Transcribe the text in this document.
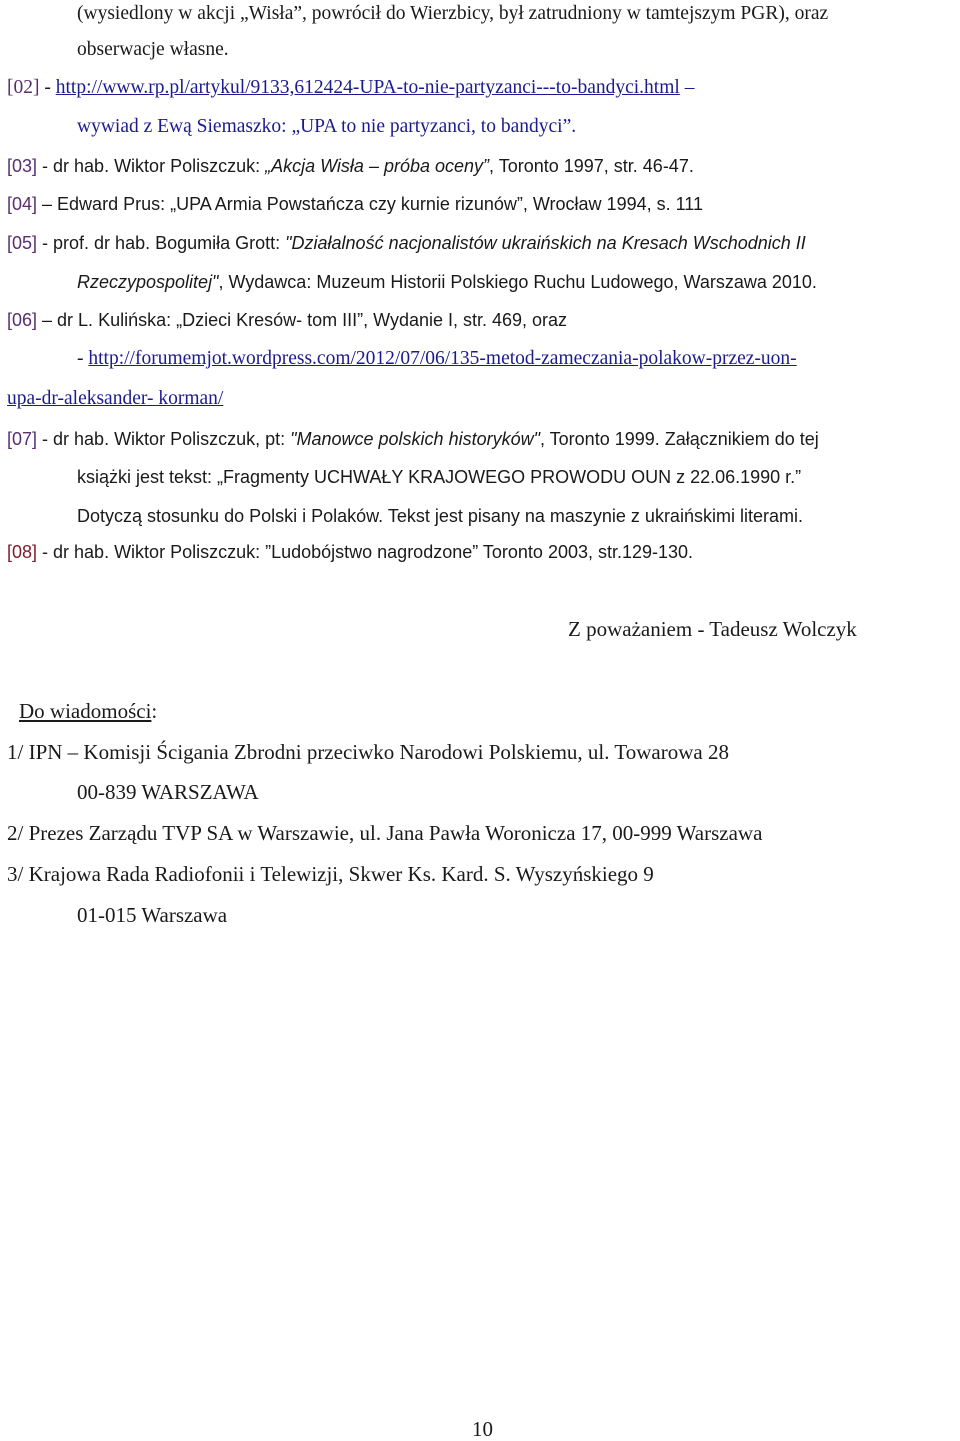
(wysiedlony w akcji „Wisła”, powrócił do Wierzbicy, był zatrudniony w tamtejszym PGR), oraz
obserwacje własne.
[02] - http://www.rp.pl/artykul/9133,612424-UPA-to-nie-partyzanci---to-bandyci.html –
wywiad z Ewą Siemaszko: „UPA to nie partyzanci, to bandyci”.
[03] - dr hab. Wiktor Poliszczuk: „Akcja Wisła – próba oceny”, Toronto 1997, str. 46-47.
[04] – Edward Prus: „UPA Armia Powstańcza czy kurnie rizunów”, Wrocław 1994, s. 111
[05] - prof. dr hab. Bogumiła Grott: "Działalność nacjonalistów ukraińskich na Kresach Wschodnich II
Rzeczypospolitej", Wydawca: Muzeum Historii Polskiego Ruchu Ludowego, Warszawa 2010.
[06] – dr L. Kulińska: „Dzieci Kresów- tom III”, Wydanie I, str. 469, oraz
- http://forumemjot.wordpress.com/2012/07/06/135-metod-zameczania-polakow-przez-uon-
upa-dr-aleksander- korman/
[07] - dr hab. Wiktor Poliszczuk, pt: "Manowce polskich historyków", Toronto 1999. Załącznikiem do tej
książki jest tekst: „Fragmenty UCHWAŁY KRAJOWEGO PROWODU OUN z 22.06.1990 r.”
Dotyczą stosunku do Polski i Polaków. Tekst jest pisany na maszynie z ukraińskimi literami.
[08] - dr hab. Wiktor Poliszczuk: ”Ludobójstwo nagrodzone” Toronto 2003, str.129-130.
Z poważaniem - Tadeusz Wolczyk
Do wiadomości:
1/ IPN – Komisji Ścigania Zbrodni przeciwko Narodowi Polskiemu, ul. Towarowa 28
00-839 WARSZAWA
2/ Prezes Zarządu TVP SA w Warszawie, ul. Jana Pawła Woronicza 17, 00-999 Warszawa
3/ Krajowa Rada Radiofonii i Telewizji, Skwer Ks. Kard. S. Wyszyńskiego 9
01-015 Warszawa
10
